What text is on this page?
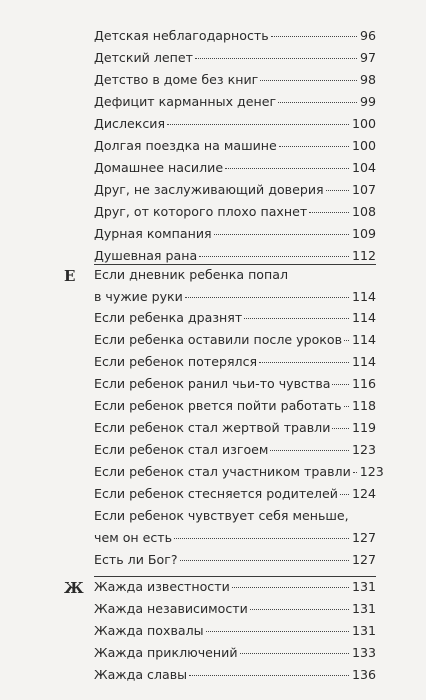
Детская неблагодарность	96
Детский лепет	97
Детство в доме без книг	98
Дефицит карманных денег	99
Дислексия	100
Долгая поездка на машине	100
Домашнее насилие	104
Друг, не заслуживающий доверия 107
Друг, от которого плохо пахнет	108
Дурная компания	109
Душевная рана	112
Е Если дневник ребенка попал
в чужие руки	114
Если ребенка дразнят	114
Если ребенка оставили после уроков 114
Если ребенок потерялся	114
Если ребенок ранил чьи-то чувства 116
Если ребенок рвется пойти работать 118
Если ребенок стал жертвой травли 119
Если ребенок стал изгоем	123
Если ребенок стал участником травли 123
Если ребенок стесняется родителей 124
Если ребенок чувствует себя меньше,
чем он есть	127
Есть ли Бог?	127
Ж Жажда известности	131
Жажда независимости	131
Жажда похвалы	131
Жажда приключений	133
Жажда славы	136
